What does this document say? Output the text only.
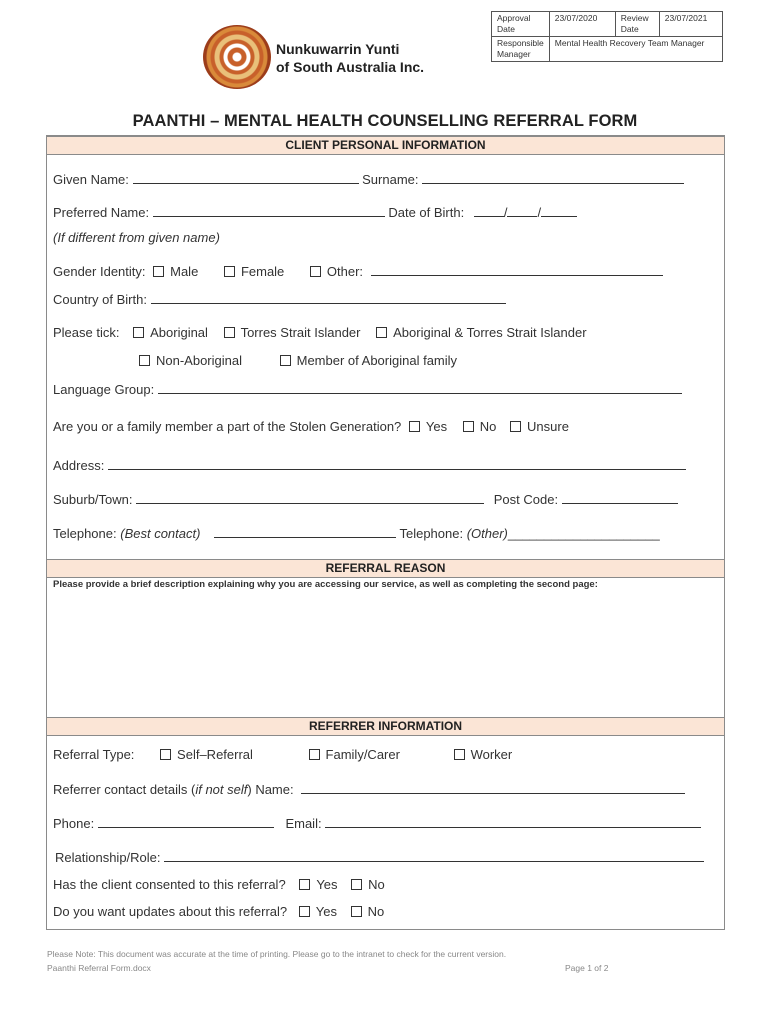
Nunkuwarrin Yunti
of South Australia Inc.
Approval Date	23/07/2020	Review Date	23/07/2021
Responsible Manager	Mental Health Recovery Team Manager		
PAANTHI – MENTAL HEALTH COUNSELLING REFERRAL FORM
CLIENT PERSONAL INFORMATION
Given Name:	Surname:
Preferred Name:	Date of Birth:	/ /
(If different from given name)
Gender Identity: Male	Female	Other:
Country of Birth:
Please tick: Aboriginal	Torres Strait Islander	Aboriginal & Torres Strait Islander
Non-Aboriginal	Member of Aboriginal family
Language Group:
Are you or a family member a part of the Stolen Generation? Yes	No Unsure
Address:
Suburb/Town:	Post Code:
Telephone: (Best contact)	Telephone: (Other)_____________________
REFERRAL REASON
Please provide a brief description explaining why you are accessing our service, as well as completing the second page:
REFERRER INFORMATION
Referral Type:	Self–Referral	Family/Carer	Worker
Referrer contact details (if not self) Name:
Phone:	Email:
Relationship/Role:
Has the client consented to this referral? Yes No
Do you want updates about this referral? Yes No
Please Note: This document was accurate at the time of printing. Please go to the intranet to check for the current version.
Paanthi Referral Form.docx	Page 1 of 2
